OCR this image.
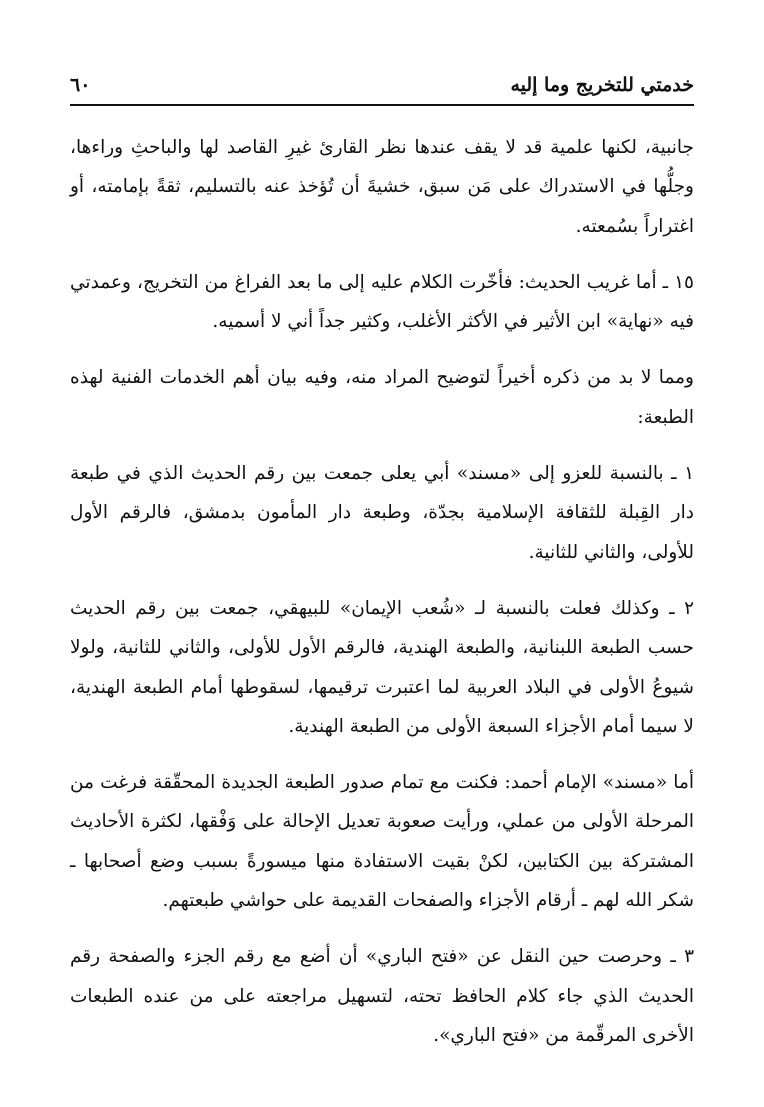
خدمتي للتخريج وما إليه
٦٠

جانبية، لكنها علمية قد لا يقف عندها نظر القارئ غيرِ القاصد لها والباحثِ وراءها، وجلُّها في الاستدراك على مَن سبق، خشيةَ أن تُؤخذ عنه بالتسليم، ثقةً بإمامته، أو اغتراراً بسُمعته.

١٥ ـ أما غريب الحديث: فأخّرت الكلام عليه إلى ما بعد الفراغ من التخريج، وعمدتي فيه «نهاية» ابن الأثير في الأكثر الأغلب، وكثير جداً أني لا أسميه.

ومما لا بد من ذكره أخيراً لتوضيح المراد منه، وفيه بيان أهم الخدمات الفنية لهذه الطبعة:

١ ـ بالنسبة للعزو إلى «مسند» أبي يعلى جمعت بين رقم الحديث الذي في طبعة دار القِبلة للثقافة الإسلامية بجدّة، وطبعة دار المأمون بدمشق، فالرقم الأول للأولى، والثاني للثانية.

٢ ـ وكذلك فعلت بالنسبة لـ «شُعب الإيمان» للبيهقي، جمعت بين رقم الحديث حسب الطبعة اللبنانية، والطبعة الهندية، فالرقم الأول للأولى، والثاني للثانية، ولولا شيوعُ الأولى في البلاد العربية لما اعتبرت ترقيمها، لسقوطها أمام الطبعة الهندية، لا سيما أمام الأجزاء السبعة الأولى من الطبعة الهندية.

أما «مسند» الإمام أحمد: فكنت مع تمام صدور الطبعة الجديدة المحقّقة فرغت من المرحلة الأولى من عملي، ورأيت صعوبة تعديل الإحالة على وَفْقها، لكثرة الأحاديث المشتركة بين الكتابين، لكنْ بقيت الاستفادة منها ميسورةً بسبب وضع أصحابها ـ شكر الله لهم ـ أرقام الأجزاء والصفحات القديمة على حواشي طبعتهم.

٣ ـ وحرصت حين النقل عن «فتح الباري» أن أضع مع رقم الجزء والصفحة رقم الحديث الذي جاء كلام الحافظ تحته، لتسهيل مراجعته على من عنده الطبعات الأخرى المرقّمة من «فتح الباري».
